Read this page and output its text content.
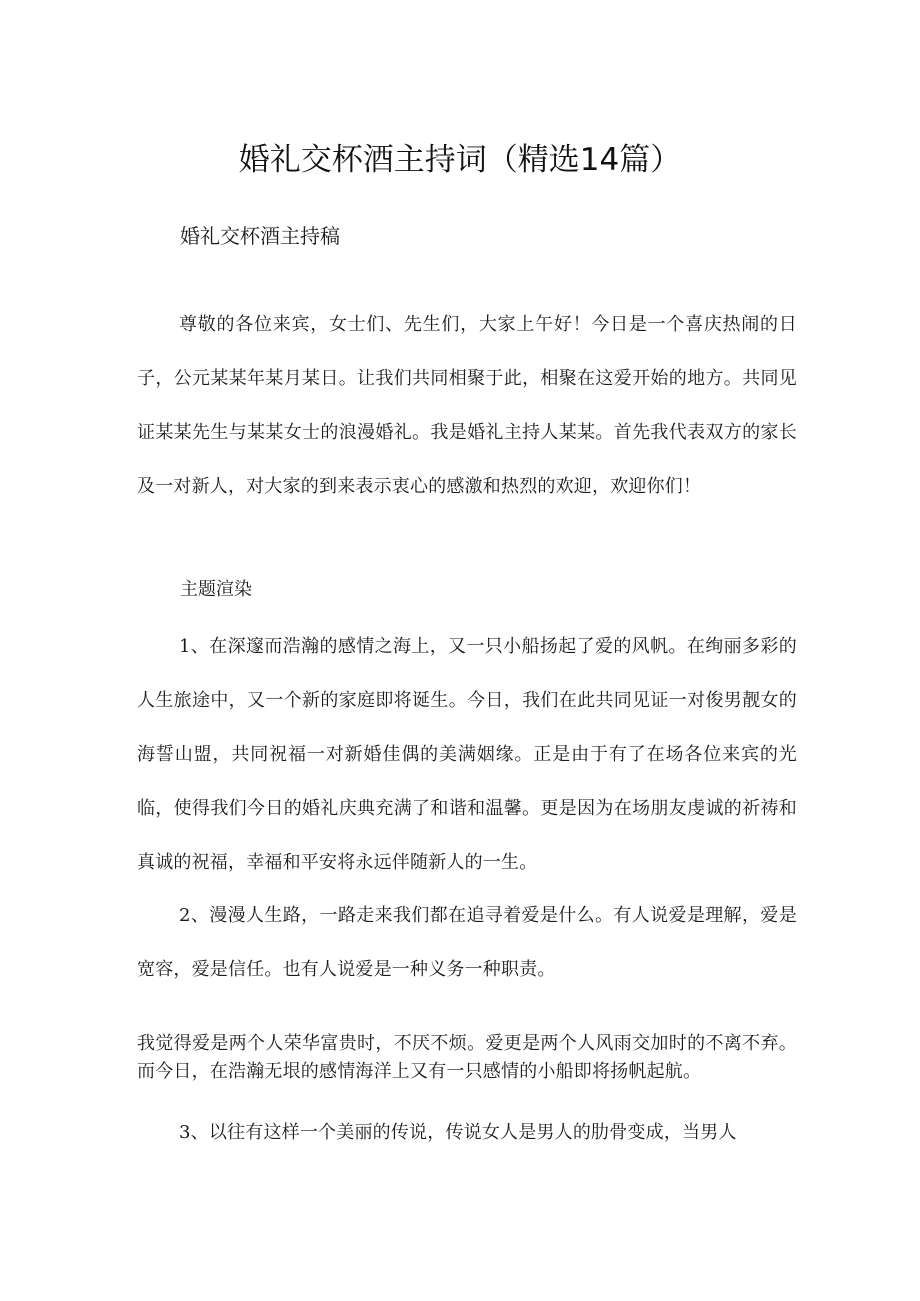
婚礼交杯酒主持词（精选14篇）

婚礼交杯酒主持稿

尊敬的各位来宾，女士们、先生们，大家上午好！今日是一个喜庆热闹的日子，公元某某年某月某日。让我们共同相聚于此，相聚在这爱开始的地方。共同见证某某先生与某某女士的浪漫婚礼。我是婚礼主持人某某。首先我代表双方的家长及一对新人，对大家的到来表示衷心的感激和热烈的欢迎，欢迎你们！

主题渲染

1、在深邃而浩瀚的感情之海上，又一只小船扬起了爱的风帆。在绚丽多彩的人生旅途中，又一个新的家庭即将诞生。今日，我们在此共同见证一对俊男靓女的海誓山盟，共同祝福一对新婚佳偶的美满姻缘。正是由于有了在场各位来宾的光临，使得我们今日的婚礼庆典充满了和谐和温馨。更是因为在场朋友虔诚的祈祷和真诚的祝福，幸福和平安将永远伴随新人的一生。

2、漫漫人生路，一路走来我们都在追寻着爱是什么。有人说爱是理解，爱是宽容，爱是信任。也有人说爱是一种义务一种职责。

我觉得爱是两个人荣华富贵时，不厌不烦。爱更是两个人风雨交加时的不离不弃。而今日，在浩瀚无垠的感情海洋上又有一只感情的小船即将扬帆起航。

3、以往有这样一个美丽的传说，传说女人是男人的肋骨变成，当男人
